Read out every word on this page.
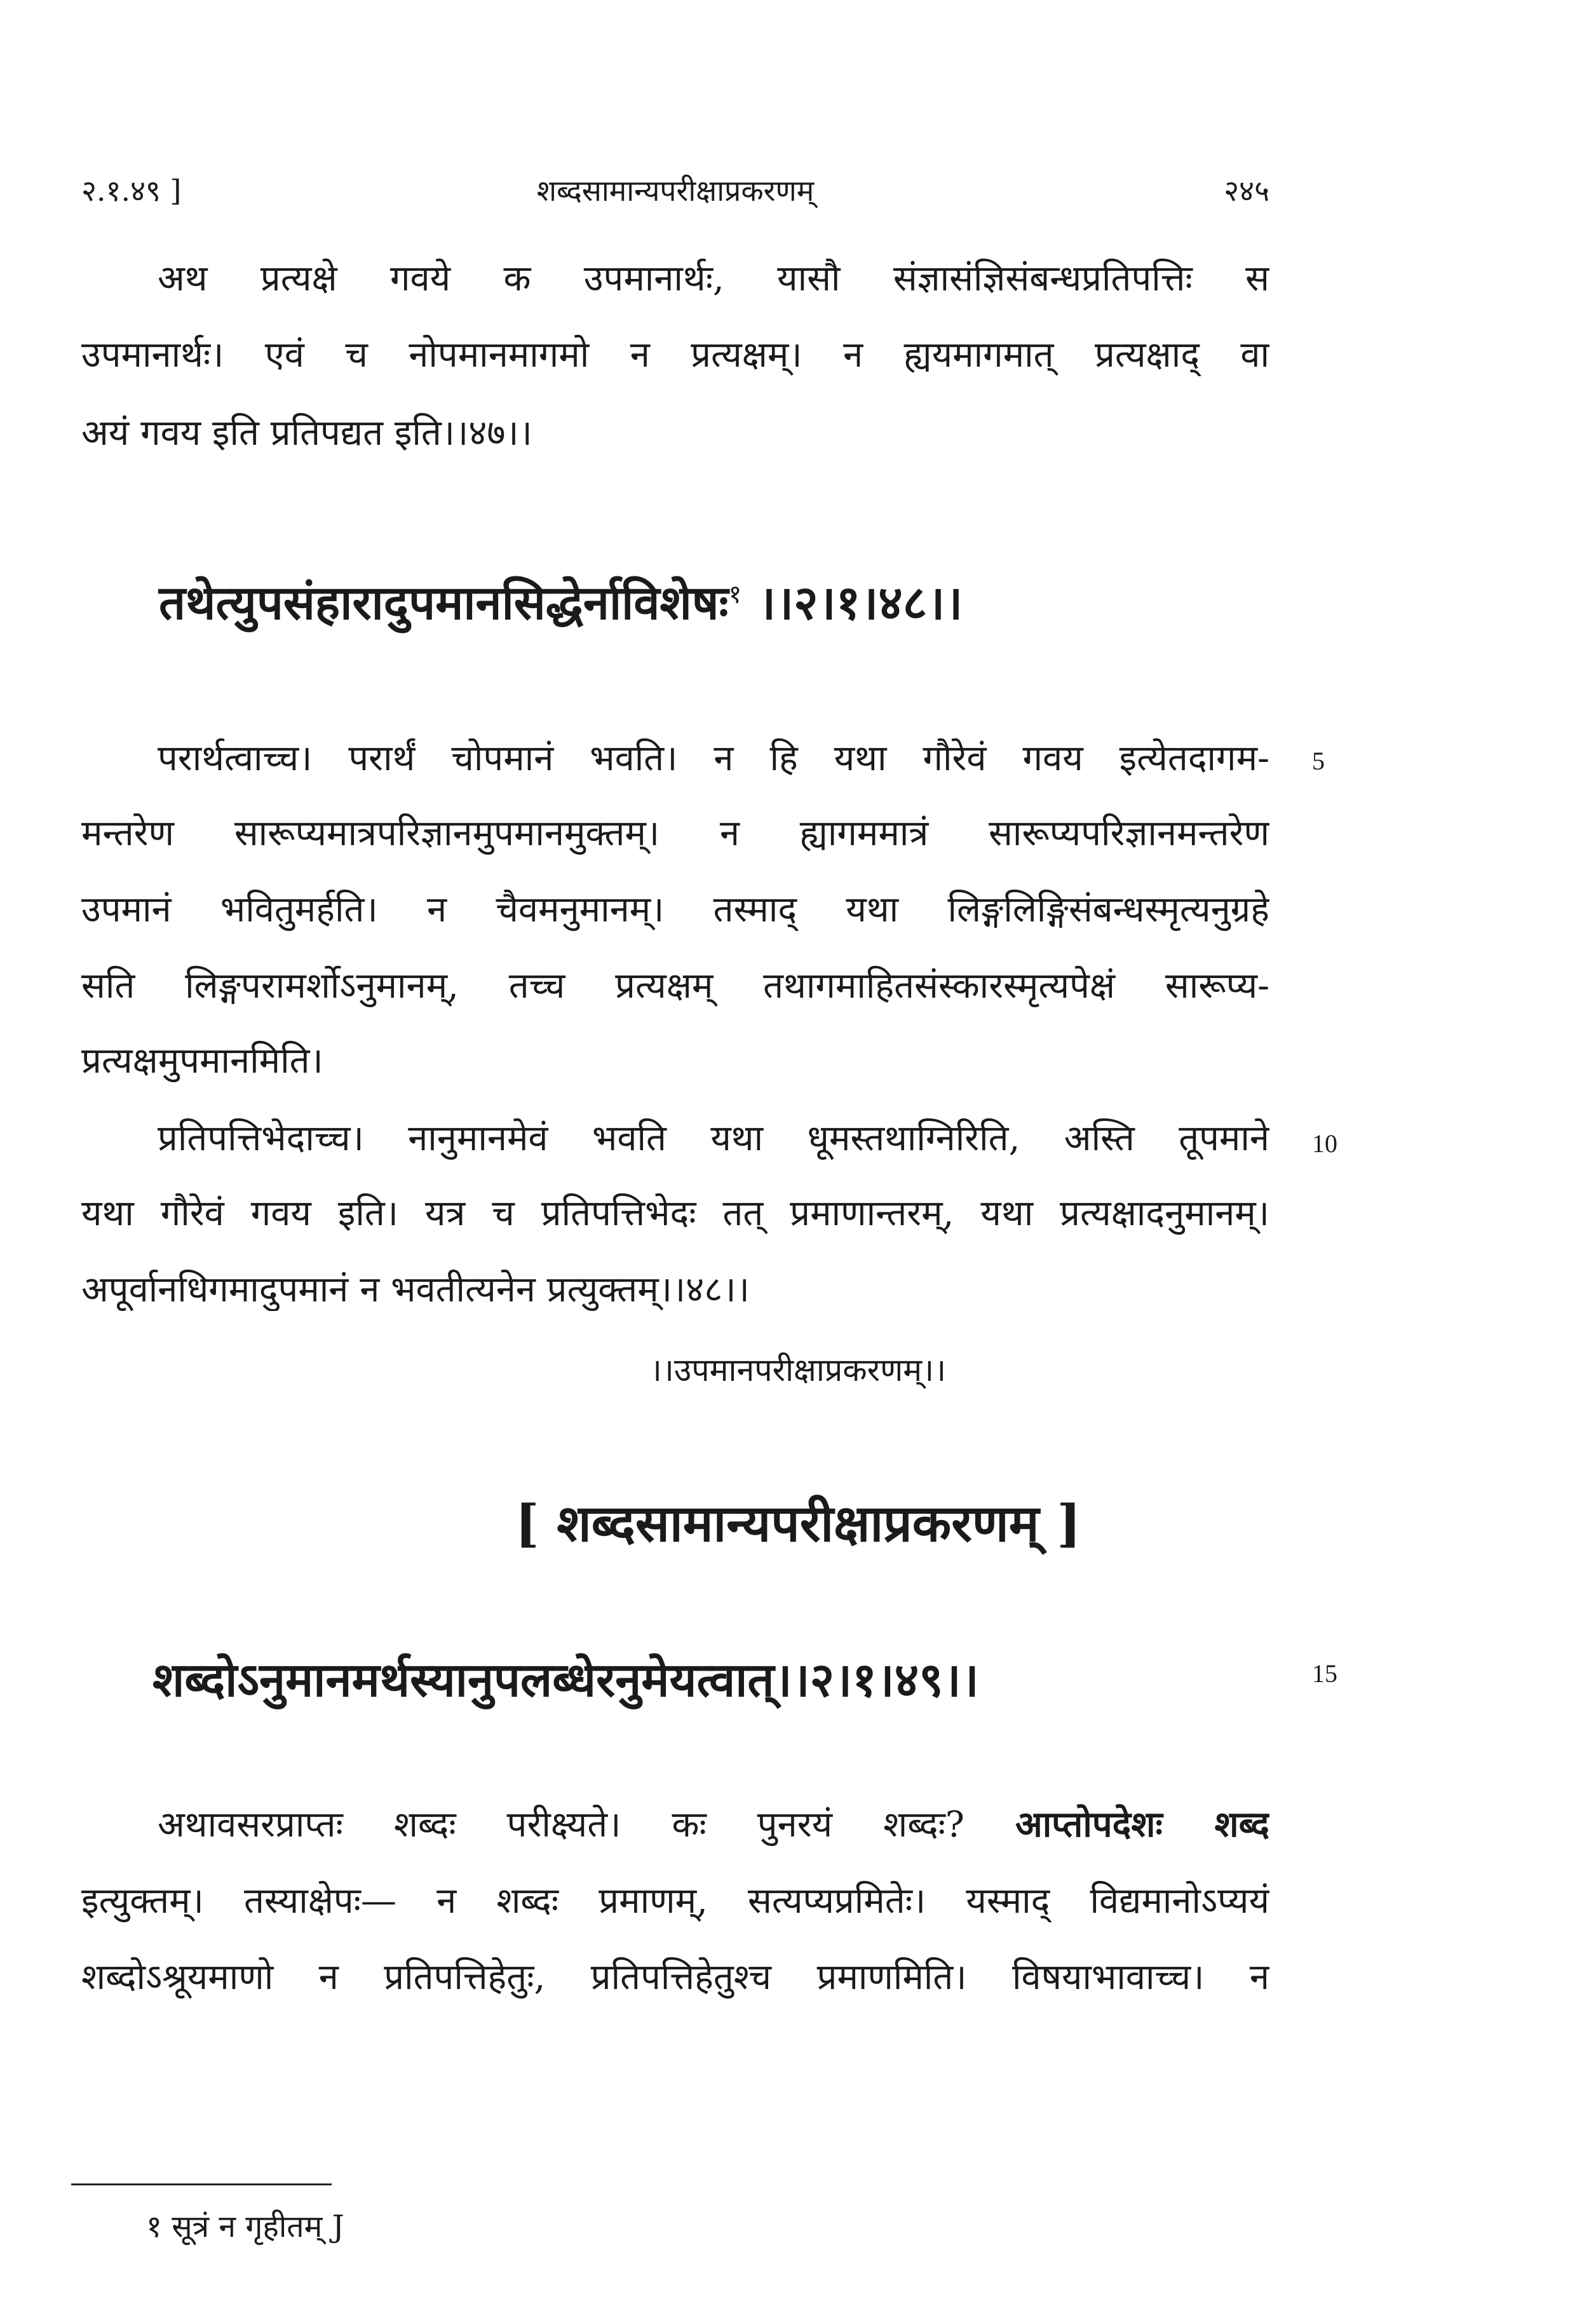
२.१.४९ ]	शब्दसामान्यपरीक्षाप्रकरणम्	२४५
अथ प्रत्यक्षे गवये क उपमानार्थः, यासौ संज्ञासंज्ञिसंबन्धप्रतिपत्तिः स
उपमानार्थः। एवं च नोपमानमागमो न प्रत्यक्षम्। न ह्ययमागमात् प्रत्यक्षाद् वा
अयं गवय इति प्रतिपद्यत इति।।४७।।
तथेत्युपसंहारादुपमानसिद्धेर्नाविशेषः$^१$ ।।२।१।४८।।
परार्थत्वाच्च। परार्थं चोपमानं भवति। न हि यथा गौरेवं गवय इत्येतदागम-
मन्तरेण सारूप्यमात्रपरिज्ञानमुपमानमुक्तम्। न ह्यागममात्रं सारूप्यपरिज्ञानमन्तरेण
उपमानं भवितुमर्हति। न चैवमनुमानम्। तस्माद् यथा लिङ्गलिङ्गिसंबन्धस्मृत्यनुग्रहे
सति लिङ्गपरामर्शोऽनुमानम्, तच्च प्रत्यक्षम् तथागमाहितसंस्कारस्मृत्यपेक्षं सारूप्य-
प्रत्यक्षमुपमानमिति।
5
प्रतिपत्तिभेदाच्च। नानुमानमेवं भवति यथा धूमस्तथाग्निरिति, अस्ति तूपमाने
यथा गौरेवं गवय इति। यत्र च प्रतिपत्तिभेदः तत् प्रमाणान्तरम्, यथा प्रत्यक्षादनुमानम्।
अपूर्वानधिगमादुपमानं न भवतीत्यनेन प्रत्युक्तम्।।४८।।
10
।।उपमानपरीक्षाप्रकरणम्।।
[ शब्दसामान्यपरीक्षाप्रकरणम् ]
शब्दोऽनुमानमर्थस्यानुपलब्धेरनुमेयत्वात्।।२।१।४९।।	15
अथावसरप्राप्तः शब्दः परीक्ष्यते। कः पुनरयं शब्दः? आप्तोपदेशः शब्द
इत्युक्तम्। तस्याक्षेपः— न शब्दः प्रमाणम्, सत्यप्यप्रमितेः। यस्माद् विद्यमानोऽप्ययं
शब्दोऽश्रूयमाणो न प्रतिपत्तिहेतुः, प्रतिपत्तिहेतुश्च प्रमाणमिति। विषयाभावाच्च। न
१ सूत्रं न गृहीतम् J
